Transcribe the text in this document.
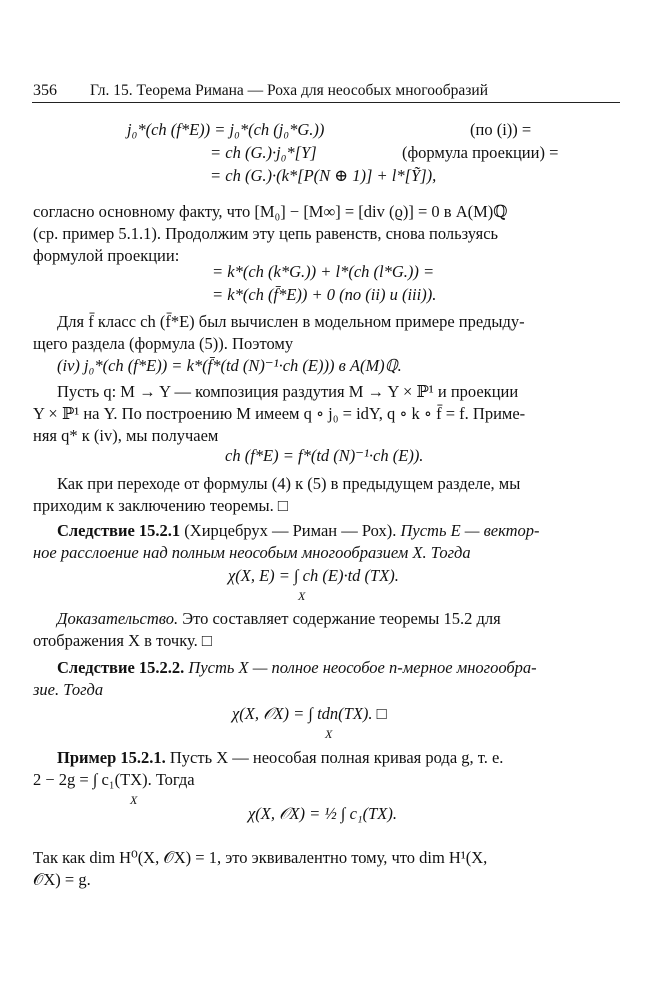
356 Гл. 15. Теорема Римана — Роха для неособых многообразий
j₀*(ch (f*E)) = j₀*(ch (j₀*G.))	(по (i)) =
= ch (G.)·j₀*[Y]	(формула проекции) =
= ch (G.)·(k*[P(N ⊕ 1)] + l*[Ỹ]),
согласно основному факту, что [M₀] − [M∞] = [div (ϱ)] = 0 в A(M)ℚ
(ср. пример 5.1.1). Продолжим эту цепь равенств, снова пользуясь
формулой проекции:
= k*(ch (k*G.)) + l*(ch (l*G.)) =
= k*(ch (f̄*E)) + 0 (по (ii) и (iii)).
Для f̄ класс ch (f̄*E) был вычислен в модельном примере предыду-
щего раздела (формула (5)). Поэтому
(iv) j₀*(ch (f*E)) = k*(f̄*(td (N)⁻¹·ch (E))) в A(M)ℚ.
Пусть q: M → Y — композиция раздутия M → Y × ℙ¹ и проекции
Y × ℙ¹ на Y. По построению M имеем q ∘ j₀ = idY, q ∘ k ∘ f̄ = f. Приме-
няя q* к (iv), мы получаем
ch (f*E) = f*(td (N)⁻¹·ch (E)).
Как при переходе от формулы (4) к (5) в предыдущем разделе, мы
приходим к заключению теоремы. □
Следствие 15.2.1 (Хирцебрух — Риман — Рох). Пусть E — вектор-
ное расслоение над полным неособым многообразием X. Тогда
χ(X, E) = ∫ ch (E)·td (TX).
X
Доказательство. Это составляет содержание теоремы 15.2 для
отображения X в точку. □
Следствие 15.2.2. Пусть X — полное неособое n-мерное многообра-
зие. Тогда
χ(X, 𝒪X) = ∫ tdn(TX). □
X
Пример 15.2.1. Пусть X — неособая полная кривая рода g, т. е.
2 − 2g = ∫ c₁(TX). Тогда
X
χ(X, 𝒪X) = ½ ∫ c₁(TX).
Так как dim H⁰(X, 𝒪X) = 1, это эквивалентно тому, что dim H¹(X,
𝒪X) = g.
